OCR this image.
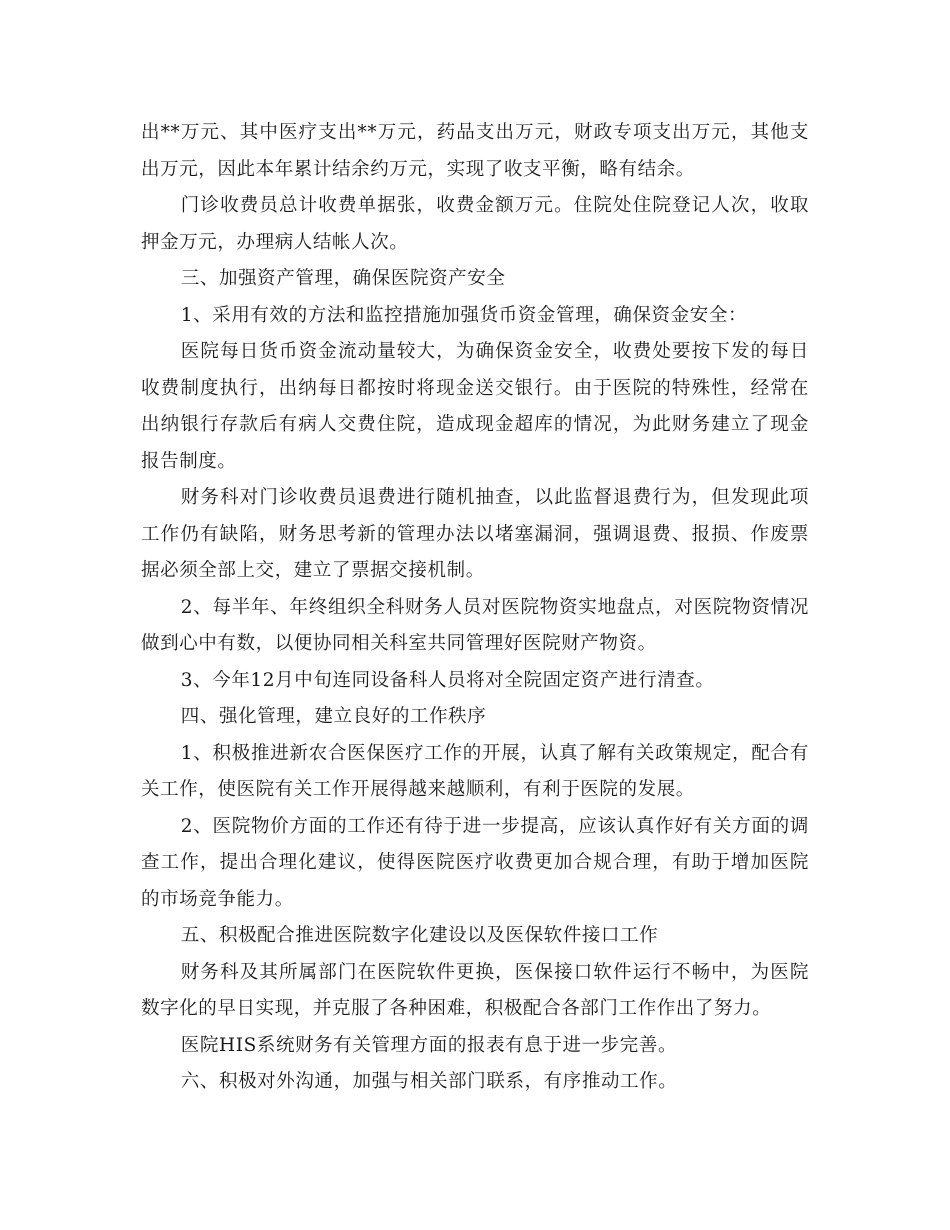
出**万元、其中医疗支出**万元，药品支出万元，财政专项支出万元，其他支出万元，因此本年累计结余约万元，实现了收支平衡，略有结余。

门诊收费员总计收费单据张，收费金额万元。住院处住院登记人次，收取押金万元，办理病人结帐人次。

三、加强资产管理，确保医院资产安全

1、采用有效的方法和监控措施加强货币资金管理，确保资金安全：

医院每日货币资金流动量较大，为确保资金安全，收费处要按下发的每日收费制度执行，出纳每日都按时将现金送交银行。由于医院的特殊性，经常在出纳银行存款后有病人交费住院，造成现金超库的情况，为此财务建立了现金报告制度。

财务科对门诊收费员退费进行随机抽查，以此监督退费行为，但发现此项工作仍有缺陷，财务思考新的管理办法以堵塞漏洞，强调退费、报损、作废票据必须全部上交，建立了票据交接机制。

2、每半年、年终组织全科财务人员对医院物资实地盘点，对医院物资情况做到心中有数，以便协同相关科室共同管理好医院财产物资。

3、今年12月中旬连同设备科人员将对全院固定资产进行清查。

四、强化管理，建立良好的工作秩序

1、积极推进新农合医保医疗工作的开展，认真了解有关政策规定，配合有关工作，使医院有关工作开展得越来越顺利，有利于医院的发展。

2、医院物价方面的工作还有待于进一步提高，应该认真作好有关方面的调查工作，提出合理化建议，使得医院医疗收费更加合规合理，有助于增加医院的市场竞争能力。

五、积极配合推进医院数字化建设以及医保软件接口工作

财务科及其所属部门在医院软件更换，医保接口软件运行不畅中，为医院数字化的早日实现，并克服了各种困难，积极配合各部门工作作出了努力。

医院HIS系统财务有关管理方面的报表有息于进一步完善。

六、积极对外沟通，加强与相关部门联系，有序推动工作。
